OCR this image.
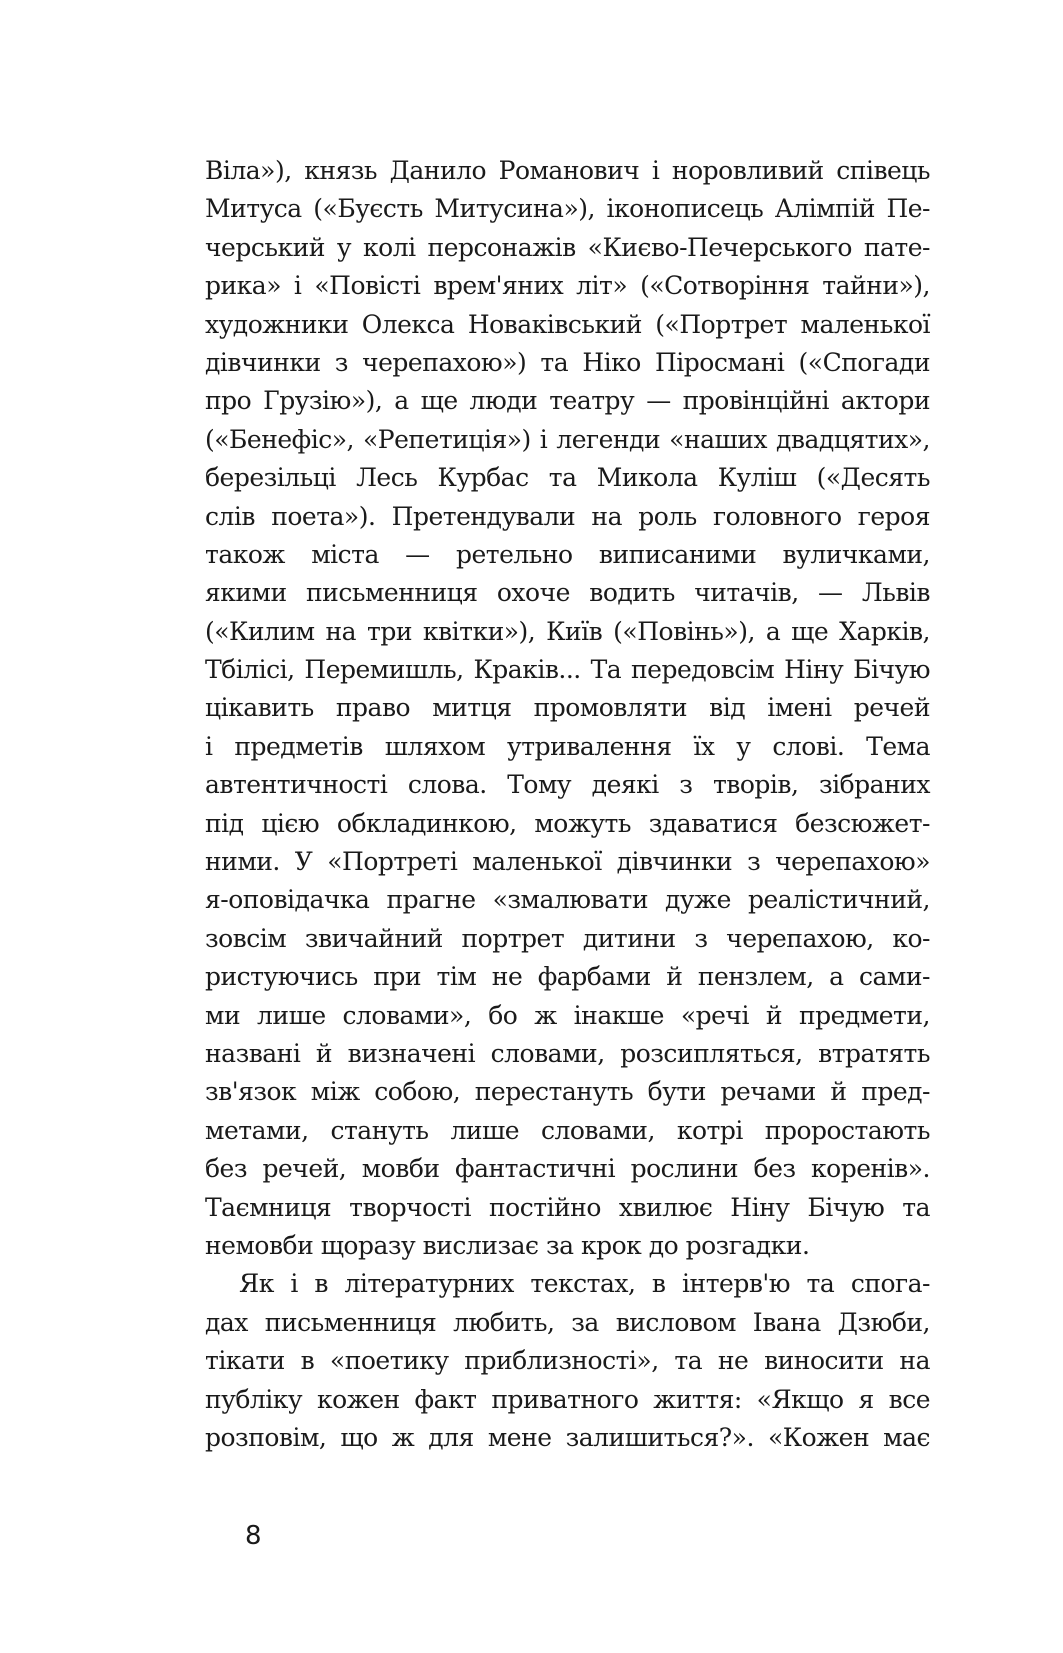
Віла»), князь Данило Романович і норовливий співець
Митуса («Буєсть Митусина»), іконописець Алімпій Пе-
черський у колі персонажів «Києво-Печерського пате-
рика» і «Повісті врем'яних літ» («Сотворіння тайни»),
художники Олекса Новаківський («Портрет маленької
дівчинки з черепахою») та Ніко Піросмані («Спогади
про Грузію»), а ще люди театру — провінційні актори
(«Бенефіс», «Репетиція») і легенди «наших двадцятих»,
березільці Лесь Курбас та Микола Куліш («Десять
слів поета»). Претендували на роль головного героя
також міста — ретельно виписаними вуличками,
якими письменниця охоче водить читачів, — Львів
(«Килим на три квітки»), Київ («Повінь»), а ще Харків,
Тбілісі, Перемишль, Краків... Та передовсім Ніну Бічую
цікавить право митця промовляти від імені речей
і предметів шляхом утривалення їх у слові. Тема
автентичності слова. Тому деякі з творів, зібраних
під цією обкладинкою, можуть здаватися безсюжет-
ними. У «Портреті маленької дівчинки з черепахою»
я-оповідачка прагне «змалювати дуже реалістичний,
зовсім звичайний портрет дитини з черепахою, ко-
ристуючись при тім не фарбами й пензлем, а сами-
ми лише словами», бо ж інакше «речі й предмети,
названі й визначені словами, розсипляться, втратять
зв'язок між собою, перестануть бути речами й пред-
метами, стануть лише словами, котрі проростають
без речей, мовби фантастичні рослини без коренів».
Таємниця творчості постійно хвилює Ніну Бічую та
немовби щоразу вислизає за крок до розгадки.
Як і в літературних текстах, в інтерв'ю та спога-
дах письменниця любить, за висловом Івана Дзюби,
тікати в «поетику приблизності», та не виносити на
публіку кожен факт приватного життя: «Якщо я все
розповім, що ж для мене залишиться?». «Кожен має
8
